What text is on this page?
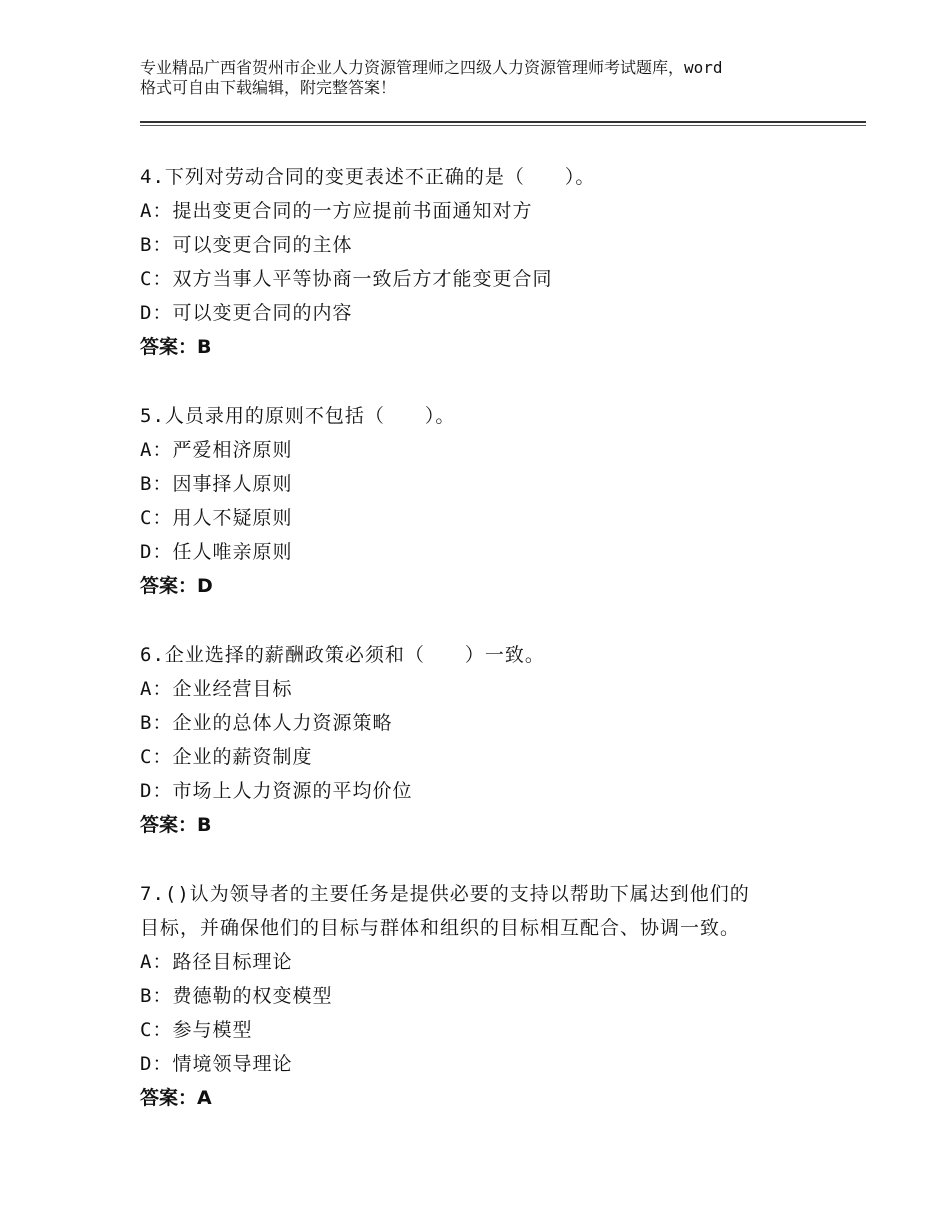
专业精品广西省贺州市企业人力资源管理师之四级人力资源管理师考试题库，word
格式可自由下载编辑，附完整答案！
4.下列对劳动合同的变更表述不正确的是（　　）。
A：提出变更合同的一方应提前书面通知对方
B：可以变更合同的主体
C：双方当事人平等协商一致后方才能变更合同
D：可以变更合同的内容
答案：B
5.人员录用的原则不包括（　　）。
A：严爱相济原则
B：因事择人原则
C：用人不疑原则
D：任人唯亲原则
答案：D
6.企业选择的薪酬政策必须和（　　）一致。
A：企业经营目标
B：企业的总体人力资源策略
C：企业的薪资制度
D：市场上人力资源的平均价位
答案：B
7.()认为领导者的主要任务是提供必要的支持以帮助下属达到他们的
目标，并确保他们的目标与群体和组织的目标相互配合、协调一致。
A：路径目标理论
B：费德勒的权变模型
C：参与模型
D：情境领导理论
答案：A
